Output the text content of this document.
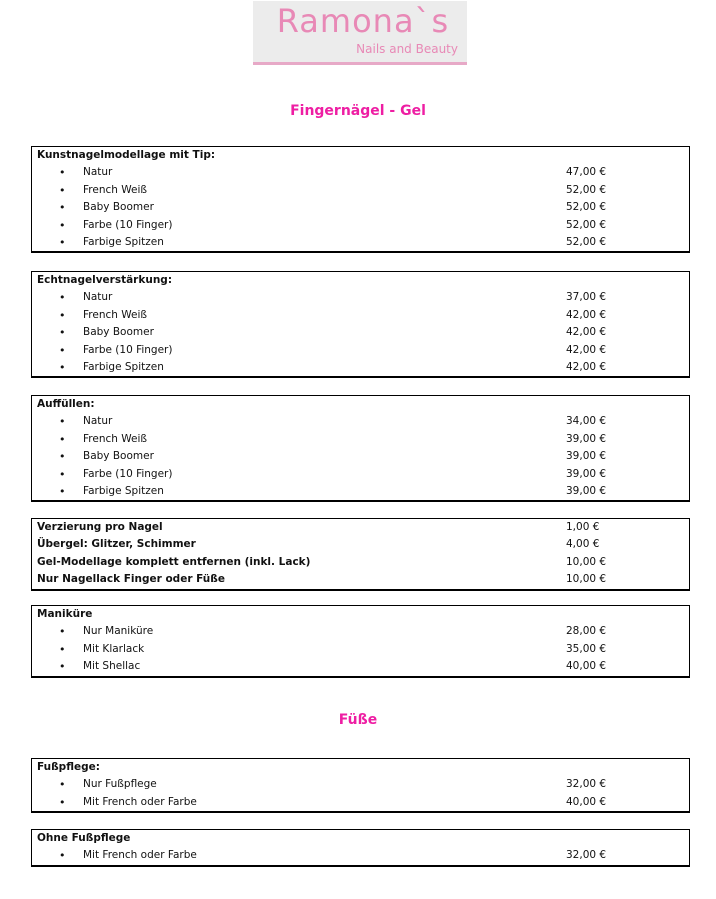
Ramona`s
Nails and Beauty
Fingernägel - Gel
Kunstnagelmodellage mit Tip:
• Natur	47,00 €
• French Weiß	52,00 €
• Baby Boomer	52,00 €
• Farbe (10 Finger)	52,00 €
• Farbige Spitzen	52,00 €
Echtnagelverstärkung:
• Natur	37,00 €
• French Weiß	42,00 €
• Baby Boomer	42,00 €
• Farbe (10 Finger)	42,00 €
• Farbige Spitzen	42,00 €
Auffüllen:
• Natur	34,00 €
• French Weiß	39,00 €
• Baby Boomer	39,00 €
• Farbe (10 Finger)	39,00 €
• Farbige Spitzen	39,00 €
Verzierung pro Nagel	1,00 €
Übergel: Glitzer, Schimmer	4,00 €
Gel-Modellage komplett entfernen (inkl. Lack)	10,00 €
Nur Nagellack Finger oder Füße	10,00 €
Maniküre
• Nur Maniküre	28,00 €
• Mit Klarlack	35,00 €
• Mit Shellac	40,00 €
Füße
Fußpflege:
• Nur Fußpflege	32,00 €
• Mit French oder Farbe	40,00 €
Ohne Fußpflege
• Mit French oder Farbe	32,00 €
